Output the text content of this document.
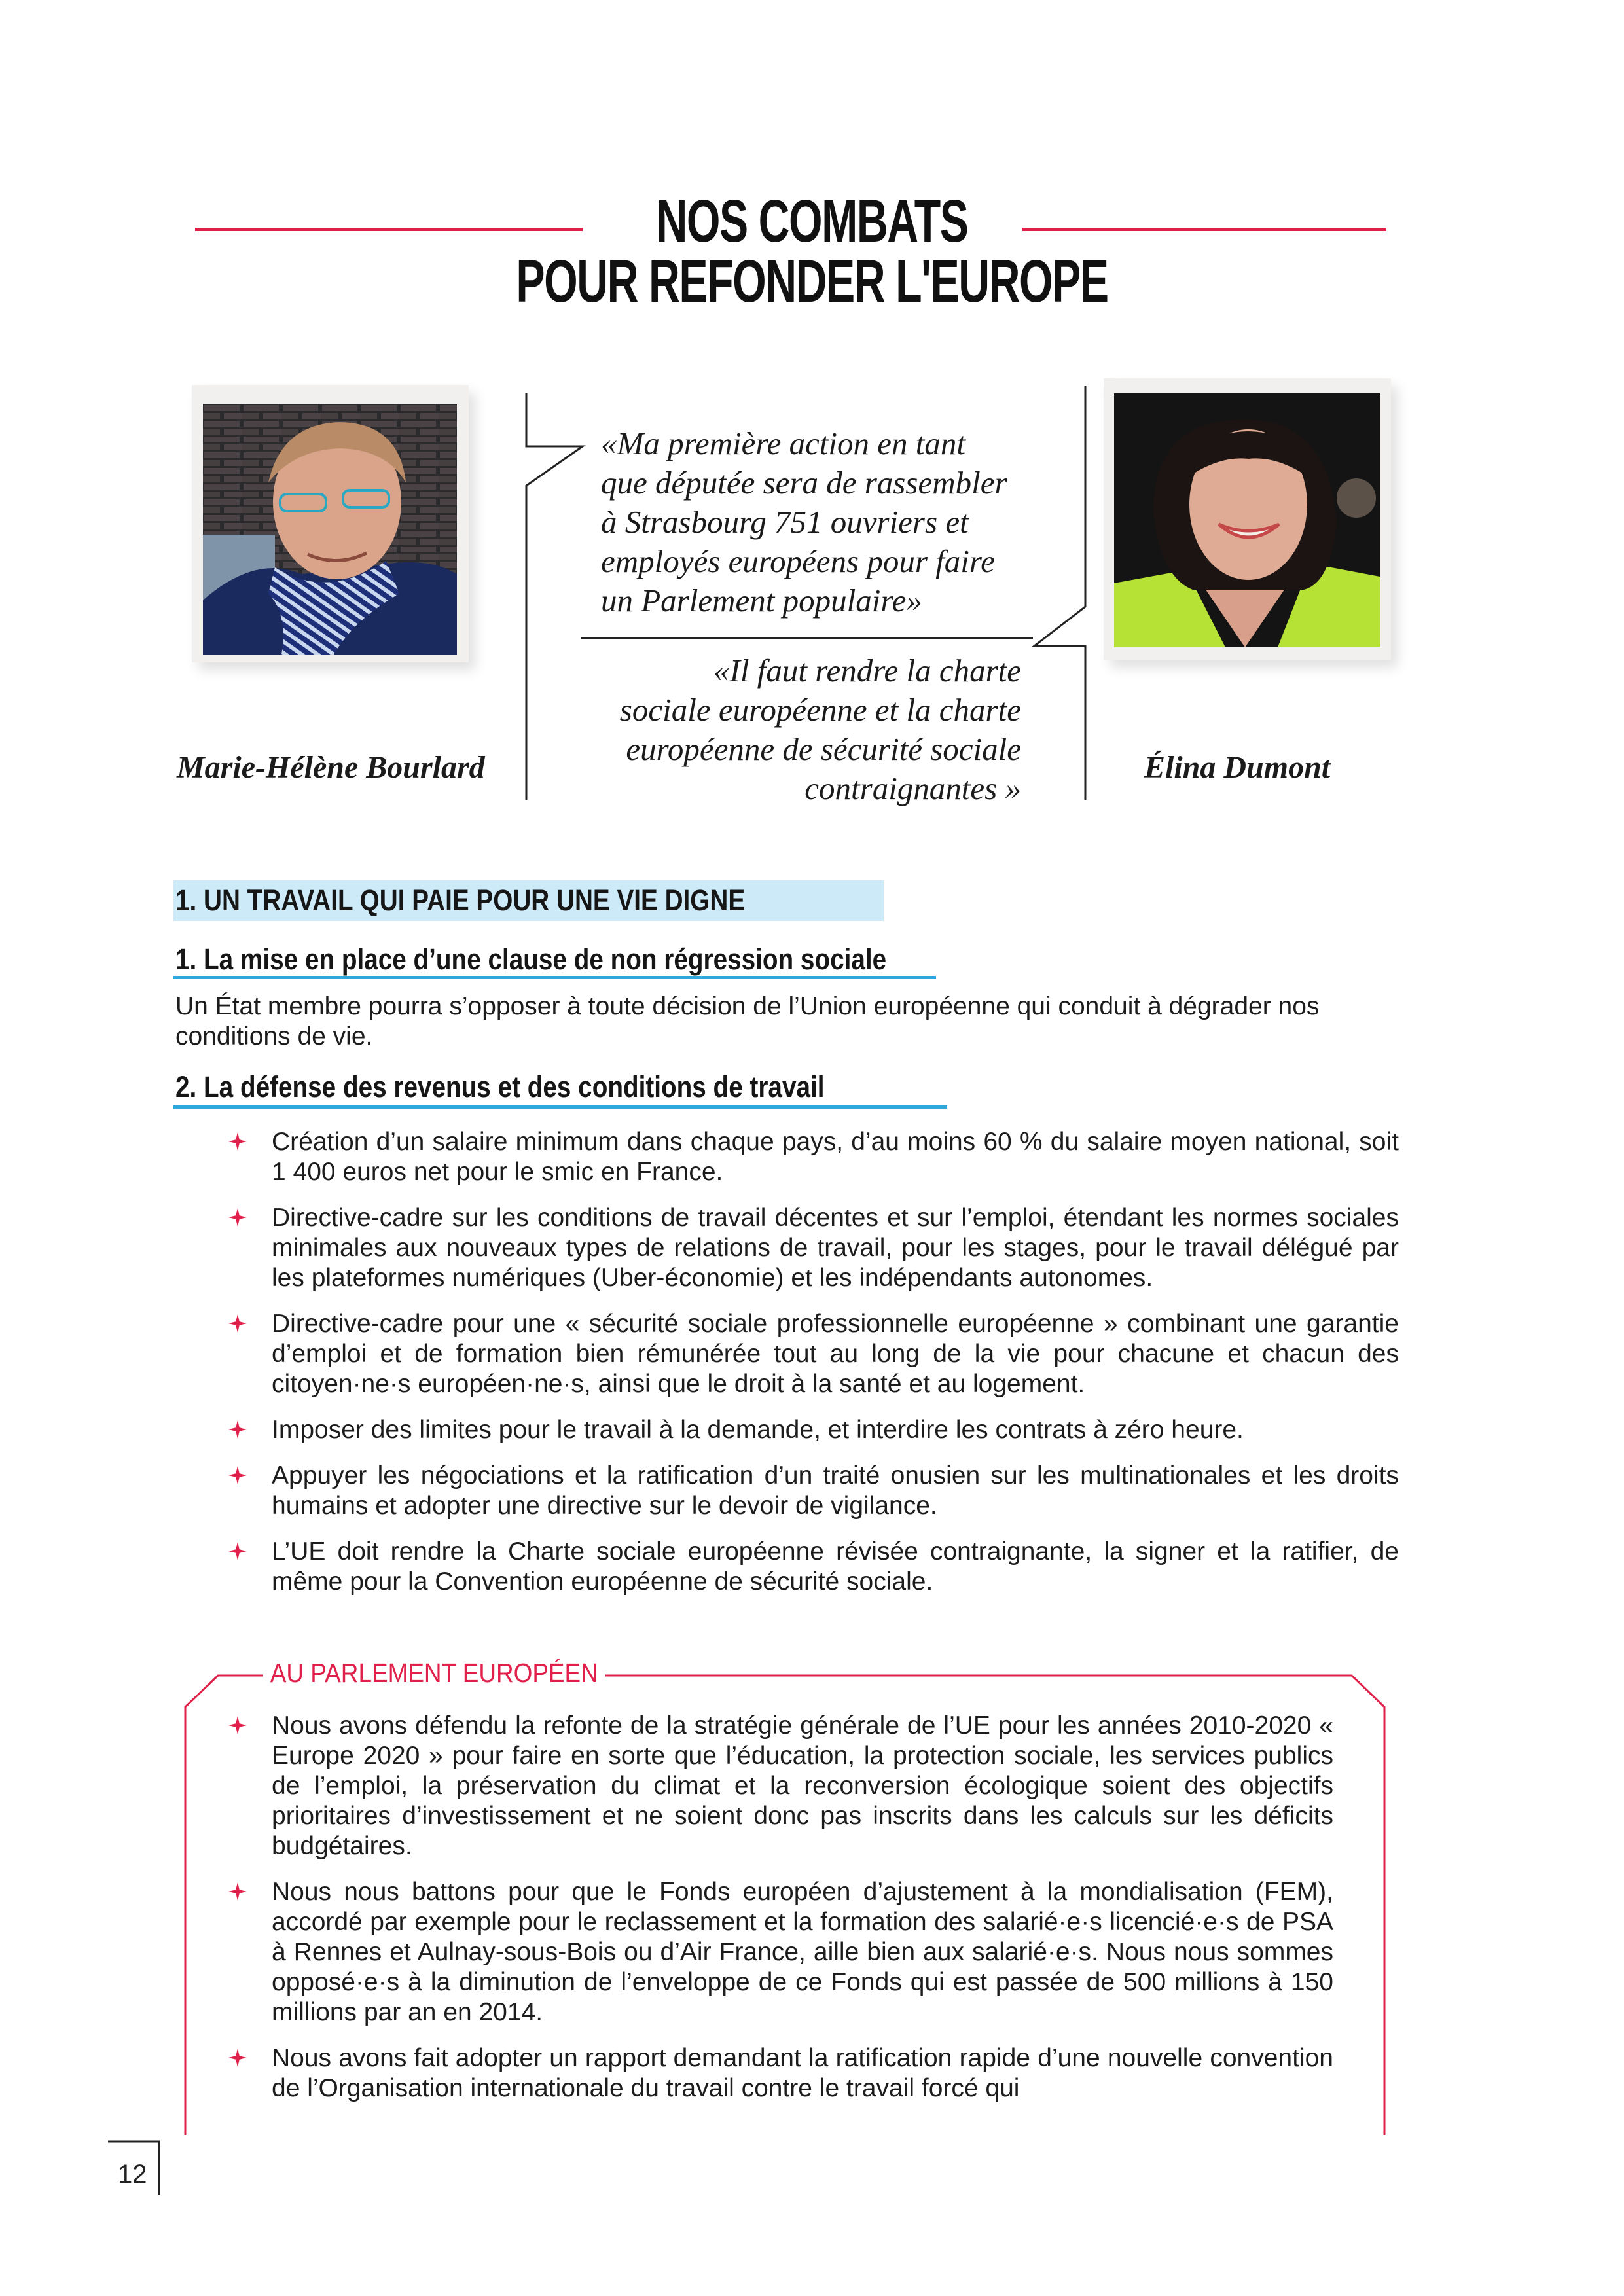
NOS COMBATS
POUR REFONDER L'EUROPE
Marie-Hélène Bourlard	Élina Dumont
«Ma première action en tant
que députée sera de rassembler
à Strasbourg 751 ouvriers et
employés européens pour faire
un Parlement populaire»
«Il faut rendre la charte
sociale européenne et la charte
européenne de sécurité sociale
contraignantes »
1. UN TRAVAIL QUI PAIE POUR UNE VIE DIGNE
1. La mise en place d’une clause de non régression sociale
Un État membre pourra s’opposer à toute décision de l’Union européenne qui conduit à dégrader nos conditions de vie.
2. La défense des revenus et des conditions de travail
Création d’un salaire minimum dans chaque pays, d’au moins 60 % du salaire moyen national, soit 1 400 euros net pour le smic en France.
Directive-cadre sur les conditions de travail décentes et sur l’emploi, étendant les normes sociales minimales aux nouveaux types de relations de travail, pour les stages, pour le travail délégué par les plateformes numériques (Uber-économie) et les indépendants autonomes.
Directive-cadre pour une « sécurité sociale professionnelle européenne » combinant une garantie d’emploi et de formation bien rémunérée tout au long de la vie pour chacune et chacun des citoyen·ne·s européen·ne·s, ainsi que le droit à la santé et au logement.
Imposer des limites pour le travail à la demande, et interdire les contrats à zéro heure.
Appuyer les négociations et la ratification d’un traité onusien sur les multinationales et les droits humains et adopter une directive sur le devoir de vigilance.
L’UE doit rendre la Charte sociale européenne révisée contraignante, la signer et la ratifier, de même pour la Convention européenne de sécurité sociale.
AU PARLEMENT EUROPÉEN
Nous avons défendu la refonte de la stratégie générale de l’UE pour les années 2010-2020 « Europe 2020 » pour faire en sorte que l’éducation, la protection sociale, les services publics de l’emploi, la préservation du climat et la reconversion écologique soient des objectifs prioritaires d’investissement et ne soient donc pas inscrits dans les calculs sur les déficits budgétaires.
Nous nous battons pour que le Fonds européen d’ajustement à la mondialisation (FEM), accordé par exemple pour le reclassement et la formation des salarié·e·s licencié·e·s de PSA à Rennes et Aulnay-sous-Bois ou d’Air France, aille bien aux salarié·e·s. Nous nous sommes opposé·e·s à la diminution de l’enveloppe de ce Fonds qui est passée de 500 millions à 150 millions par an en 2014.
Nous avons fait adopter un rapport demandant la ratification rapide d’une nouvelle convention de l’Organisation internationale du travail contre le travail forcé qui
12
